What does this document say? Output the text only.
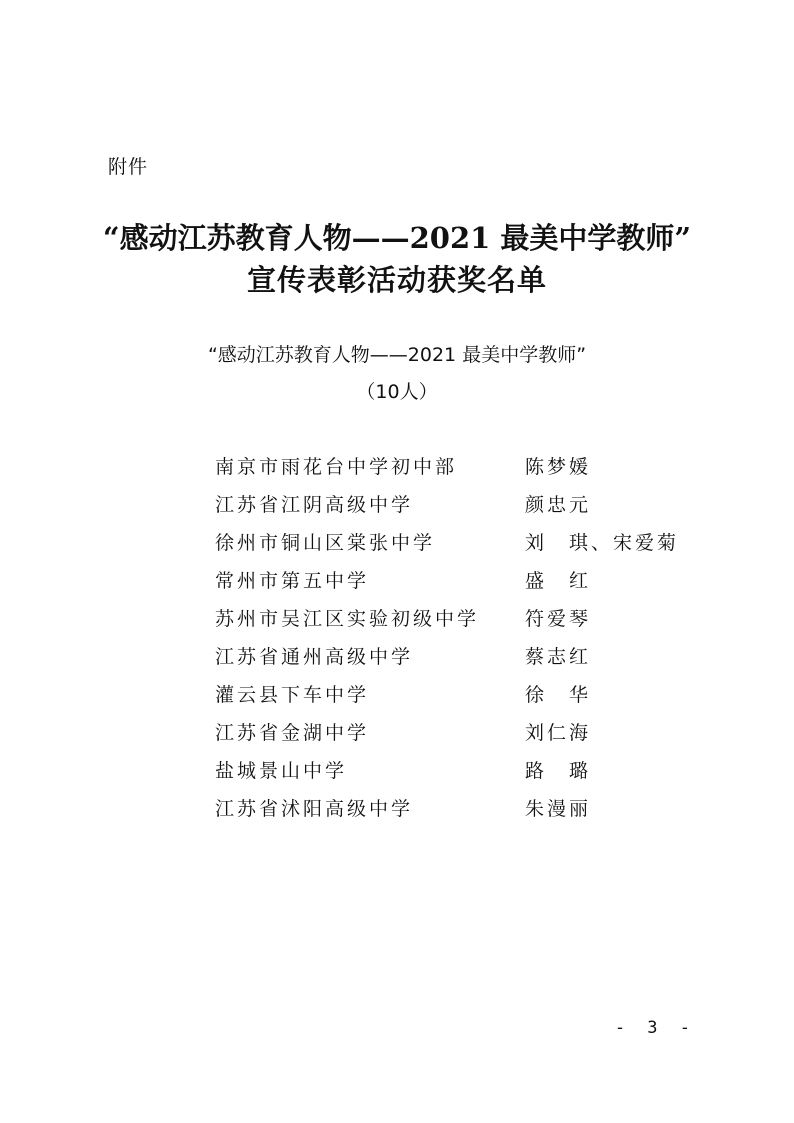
附件
“感动江苏教育人物——2021 最美中学教师”
宣传表彰活动获奖名单
“感动江苏教育人物——2021 最美中学教师”
（10人）
南京市雨花台中学初中部	陈梦媛
江苏省江阴高级中学	颜忠元
徐州市铜山区棠张中学	刘　琪、宋爱菊
常州市第五中学	盛　红
苏州市吴江区实验初级中学 符爱琴
江苏省通州高级中学	蔡志红
灌云县下车中学	徐　华
江苏省金湖中学	刘仁海
盐城景山中学	路　璐
江苏省沭阳高级中学	朱漫丽
- 3 -
